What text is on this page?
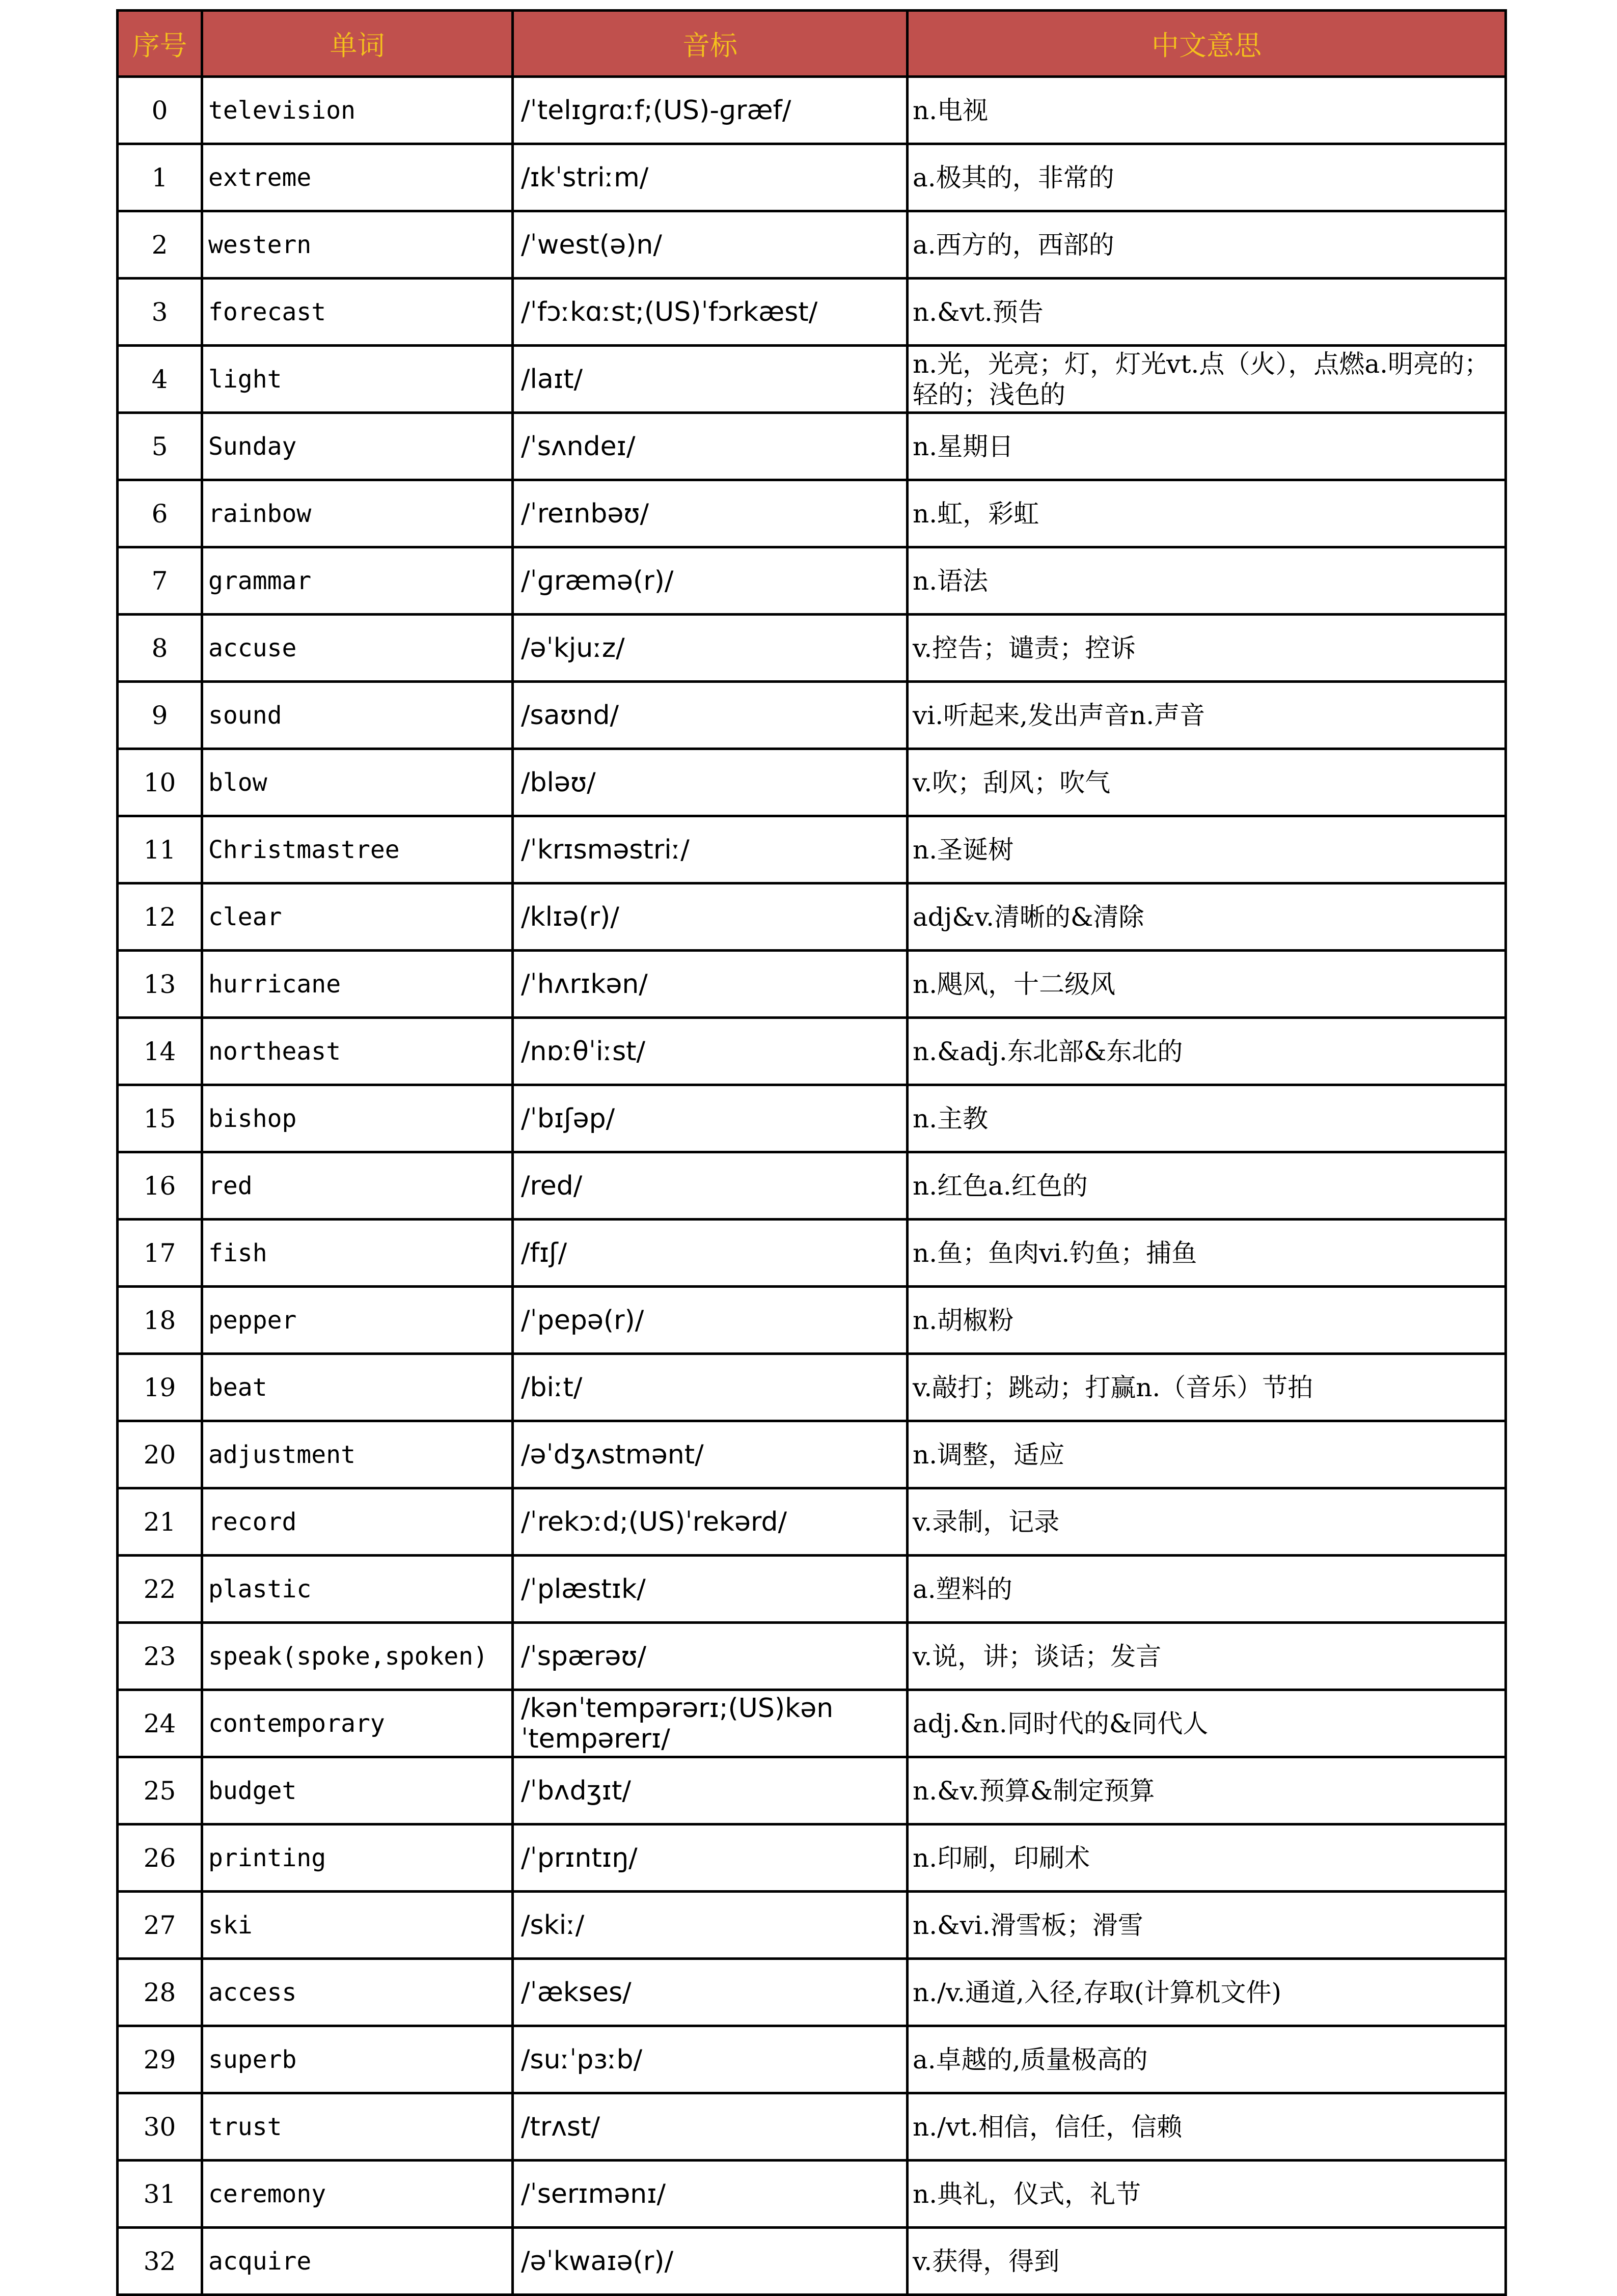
序号	单词	音标	中文意思
0	television	/ˈtelɪɡrɑːf;(US)-ɡræf/	n.电视
1	extreme	/ɪkˈstriːm/	a.极其的，非常的
2	western	/ˈwest(ə)n/	a.西方的，西部的
3	forecast	/ˈfɔːkɑːst;(US)ˈfɔrkæst/	n.&vt.预告
4	light	/laɪt/	n.光，光亮；灯，灯光vt.点（火），点燃a.明亮的；轻的；浅色的
5	Sunday	/ˈsʌndeɪ/	n.星期日
6	rainbow	/ˈreɪnbəʊ/	n.虹，彩虹
7	grammar	/ˈɡræmə(r)/	n.语法
8	accuse	/əˈkjuːz/	v.控告；谴责；控诉
9	sound	/saʊnd/	vi.听起来,发出声音n.声音
10	blow	/bləʊ/	v.吹；刮风；吹气
11	Christmastree	/ˈkrɪsməstriː/	n.圣诞树
12	clear	/klɪə(r)/	adj&v.清晰的&清除
13	hurricane	/ˈhʌrɪkən/	n.飓风，十二级风
14	northeast	/nɒːθˈiːst/	n.&adj.东北部&东北的
15	bishop	/ˈbɪʃəp/	n.主教
16	red	/red/	n.红色a.红色的
17	fish	/fɪʃ/	n.鱼；鱼肉vi.钓鱼；捕鱼
18	pepper	/ˈpepə(r)/	n.胡椒粉
19	beat	/biːt/	v.敲打；跳动；打赢n.（音乐）节拍
20	adjustment	/əˈdʒʌstmənt/	n.调整，适应
21	record	/ˈrekɔːd;(US)ˈrekərd/	v.录制，记录
22	plastic	/ˈplæstɪk/	a.塑料的
23	speak(spoke,spoken)	/ˈspærəʊ/	v.说，讲；谈话；发言
24	contemporary	/kənˈtempərərɪ;(US)kənˈtempərerɪ/	adj.&n.同时代的&同代人
25	budget	/ˈbʌdʒɪt/	n.&v.预算&制定预算
26	printing	/ˈprɪntɪŋ/	n.印刷，印刷术
27	ski	/skiː/	n.&vi.滑雪板；滑雪
28	access	/ˈækses/	n./v.通道,入径,存取(计算机文件)
29	superb	/suːˈpɜːb/	a.卓越的,质量极高的
30	trust	/trʌst/	n./vt.相信，信任，信赖
31	ceremony	/ˈserɪmənɪ/	n.典礼，仪式，礼节
32	acquire	/əˈkwaɪə(r)/	v.获得，得到
